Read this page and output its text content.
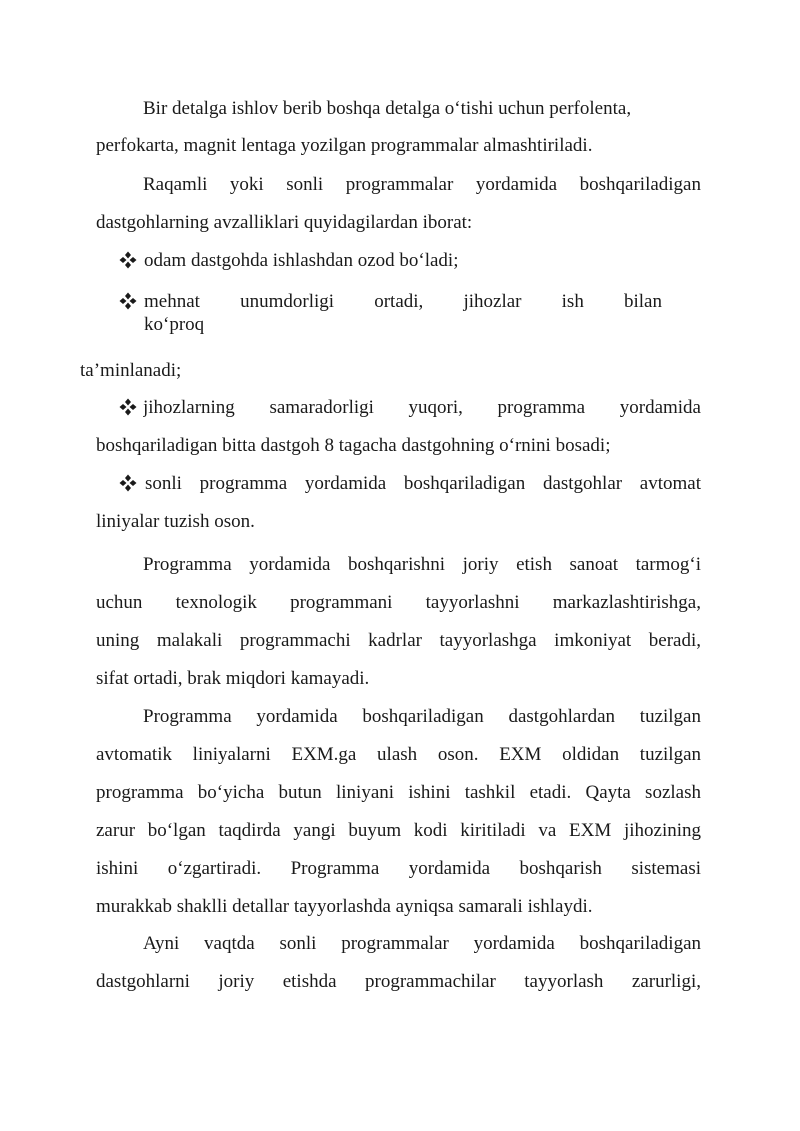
Bir detalga ishlov berib boshqa detalga o‘tishi uchun perfolenta,
perfokarta, magnit lentaga yozilgan programmalar almashtiriladi.
Raqamli yoki sonli programmalar yordamida boshqariladigan
dastgohlarning avzalliklari quyidagilardan iborat:
odam dastgohda ishlashdan ozod bo‘ladi;
mehnat unumdorligi ortadi, jihozlar ish bilan
ko‘proq
ta’minlanadi;
jihozlarning samaradorligi yuqori, programma yordamida
boshqariladigan bitta dastgoh 8 tagacha dastgohning o‘rnini bosadi;
sonli programma yordamida boshqariladigan dastgohlar avtomat
liniyalar tuzish oson.
Programma yordamida boshqarishni joriy etish sanoat tarmog‘i
uchun texnologik programmani tayyorlashni markazlashtirishga,
uning malakali programmachi kadrlar tayyorlashga imkoniyat beradi,
sifat ortadi, brak miqdori kamayadi.
Programma yordamida boshqariladigan dastgohlardan tuzilgan
avtomatik liniyalarni EXM.ga ulash oson. EXM oldidan tuzilgan
programma bo‘yicha butun liniyani ishini tashkil etadi. Qayta sozlash
zarur bo‘lgan taqdirda yangi buyum kodi kiritiladi va EXM jihozining
ishini o‘zgartiradi. Programma yordamida boshqarish sistemasi
murakkab shaklli detallar tayyorlashda ayniqsa samarali ishlaydi.
Ayni vaqtda sonli programmalar yordamida boshqariladigan
dastgohlarni joriy etishda programmachilar tayyorlash zarurligi,
